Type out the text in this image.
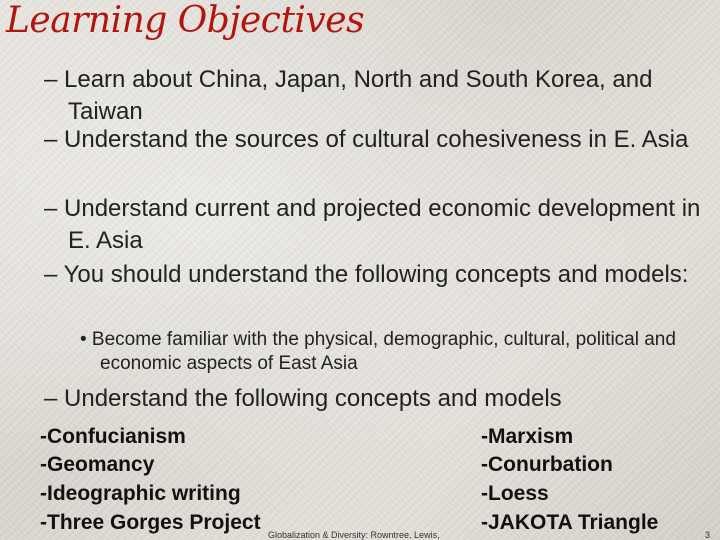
Learning Objectives
– Learn about China, Japan, North and South Korea, and Taiwan
– Understand the sources of cultural cohesiveness in E. Asia
– Understand current and projected economic development in E. Asia
– You should understand the following concepts and models:
• Become familiar with the physical, demographic, cultural, political and economic aspects of East Asia
– Understand the following concepts and models
-Confucianism
-Geomancy
-Ideographic writing
-Three Gorges Project
-Marxism
-Conurbation
-Loess
-JAKOTA Triangle
Globalization & Diversity: Rowntree, Lewis,	3
